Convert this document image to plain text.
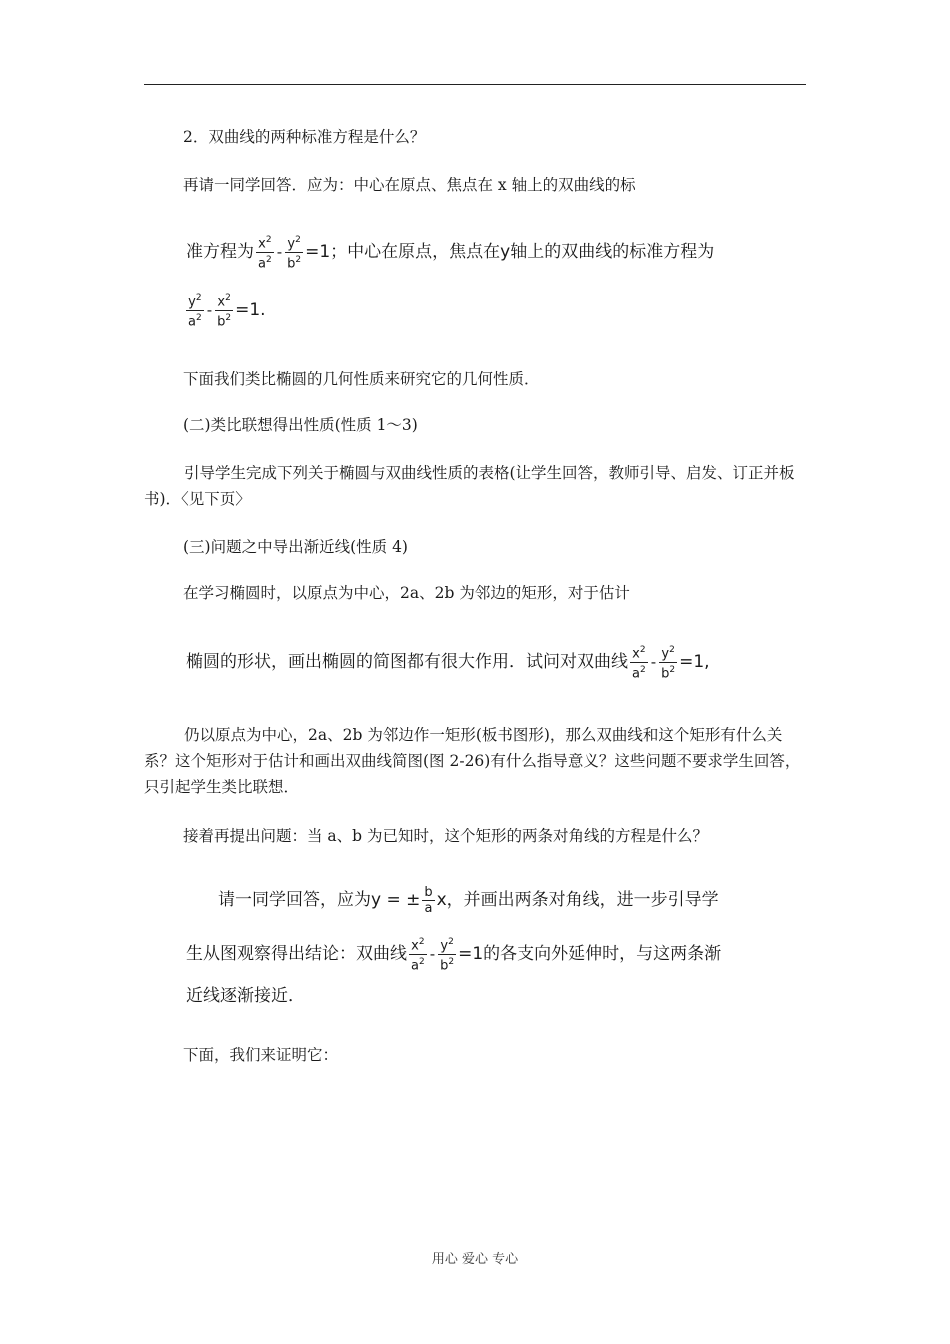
2．双曲线的两种标准方程是什么？
再请一同学回答．应为：中心在原点、焦点在 x 轴上的双曲线的标
准方程为 $\frac{x^2}{a^2} - \frac{y^2}{b^2} =1$；中心在原点，焦点在y轴上的双曲线的标准方程为
$\frac{y^2}{a^2} - \frac{x^2}{b^2} =1$.
下面我们类比椭圆的几何性质来研究它的几何性质．
(二)类比联想得出性质(性质 1～3)
引导学生完成下列关于椭圆与双曲线性质的表格(让学生回答，教师引导、启发、订正并板书)．〈见下页〉
(三)问题之中导出渐近线(性质 4)
在学习椭圆时，以原点为中心，2a、2b 为邻边的矩形，对于估计
椭圆的形状，画出椭圆的简图都有很大作用．试问对双曲线 $\frac{x^2}{a^2} - \frac{y^2}{b^2} =1$,
仍以原点为中心，2a、2b 为邻边作一矩形(板书图形)，那么双曲线和这个矩形有什么关系？这个矩形对于估计和画出双曲线简图(图 2-26)有什么指导意义？这些问题不要求学生回答，只引起学生类比联想．
接着再提出问题：当 a、b 为已知时，这个矩形的两条对角线的方程是什么？
请一同学回答，应为y = ± $\frac{b}{a}$ x，并画出两条对角线，进一步引导学
生从图观察得出结论：双曲线 $\frac{x^2}{a^2} - \frac{y^2}{b^2} =1$的各支向外延伸时，与这两条渐
近线逐渐接近．
下面，我们来证明它：
用心 爱心 专心
